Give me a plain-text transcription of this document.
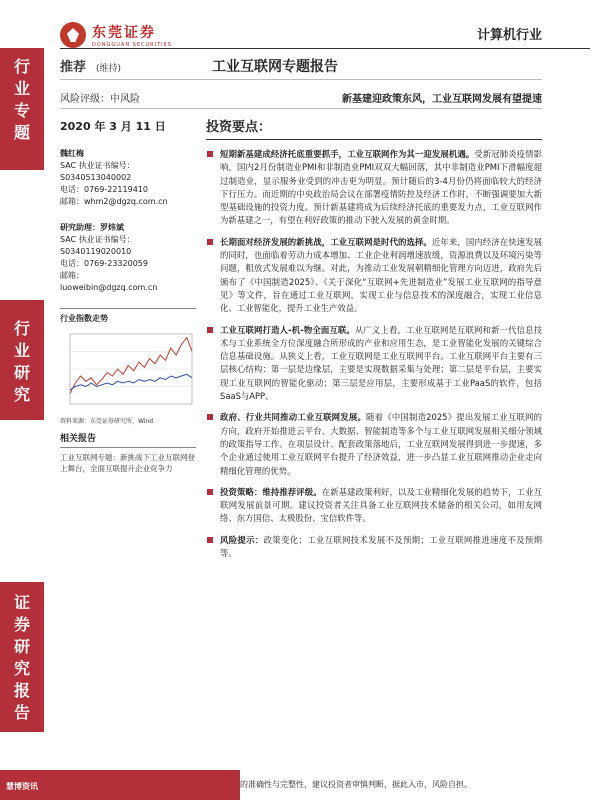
东莞证券
DONGGUAN SECURITIES
计算机行业
行业专题
行业研究
证券研究报告
慧博资讯
推荐 (维持)	工业互联网专题报告
风险评级：中风险	新基建迎政策东风，工业互联网发展有望提速
2020 年 3 月 11 日
魏红梅
SAC 执业证书编号：
S0340513040002
电话：0769-22119410
邮箱：whm2@dgzq.com.cn
研究助理：罗炜斌
SAC 执业证书编号：
S0340119020010
电话：0769-23320059
邮箱：
luoweibin@dgzq.com.cn
行业指数走势
资料来源：东莞证券研究所，Wind
相关报告
工业互联网专题：新挑战下工业互联网登上舞台，全面互联提升企业竞争力
投资要点：
短期新基建成经济托底重要抓手，工业互联网作为其一迎发展机遇。受新冠肺炎疫情影响，国内2月份制造业PMI和非制造业PMI双双大幅回落，其中非制造业PMI下滑幅度超过制造业，显示服务业受到的冲击更为明显。预计随后的3-4月份仍将面临较大的经济下行压力。而近期的中央政治局会议在部署疫情防控及经济工作时，不断强调要加大新型基础设施的投资力度。预计新基建将成为后续经济托底的重要发力点，工业互联网作为新基建之一，有望在利好政策的推动下驶入发展的黄金时期。
长期面对经济发展的新挑战，工业互联网是时代的选择。近年来，国内经济在快速发展的同时，也面临着劳动力成本增加、工业企业利润增速放缓，资源浪费以及环境污染等问题，粗放式发展难以为继。对此，为推动工业发展朝精细化管理方向迈进，政府先后颁布了《中国制造2025》、《关于深化“互联网+先进制造业”发展工业互联网的指导意见》等文件，旨在通过工业互联网，实现工业与信息技术的深度融合，实现工业信息化、工业智能化，提升工业生产效益。
工业互联网打造人-机-物全面互联。从广义上看，工业互联网是互联网和新一代信息技术与工业系统全方位深度融合所形成的产业和应用生态，是工业智能化发展的关键综合信息基础设施。从狭义上看，工业互联网是工业互联网平台。工业互联网平台主要有三层核心结构：第一层是边缘层，主要是实现数据采集与处理；第二层是平台层，主要实现工业互联网的智能化驱动；第三层是应用层，主要形成基于工业PaaS的软件，包括SaaS与APP。
政府、行业共同推动工业互联网发展。随着《中国制造2025》提出发展工业互联网的方向，政府开始推进云平台、大数据、智能制造等多个与工业互联网发展相关细分领域的政策指导工作。在项层设计、配套政策落地后，工业互联网发展得到进一步提速，多个企业通过使用工业互联网平台提升了经济效益，进一步凸显工业互联网推动企业走向精细化管理的优势。
投资策略：维持推荐评级。在新基建政策利好，以及工业精细化发展的趋势下，工业互联网发展前景可期。建议投资者关注具备工业互联网技术储备的相关公司，如用友网络、东方国信、太极股份、宝信软件等。
风险提示：政策变化；工业互联网技术发展不及预期；工业互联网推进速度不及预期等。
的准确性与完整性，建议投资者审慎判断，据此入市，风险自担。
